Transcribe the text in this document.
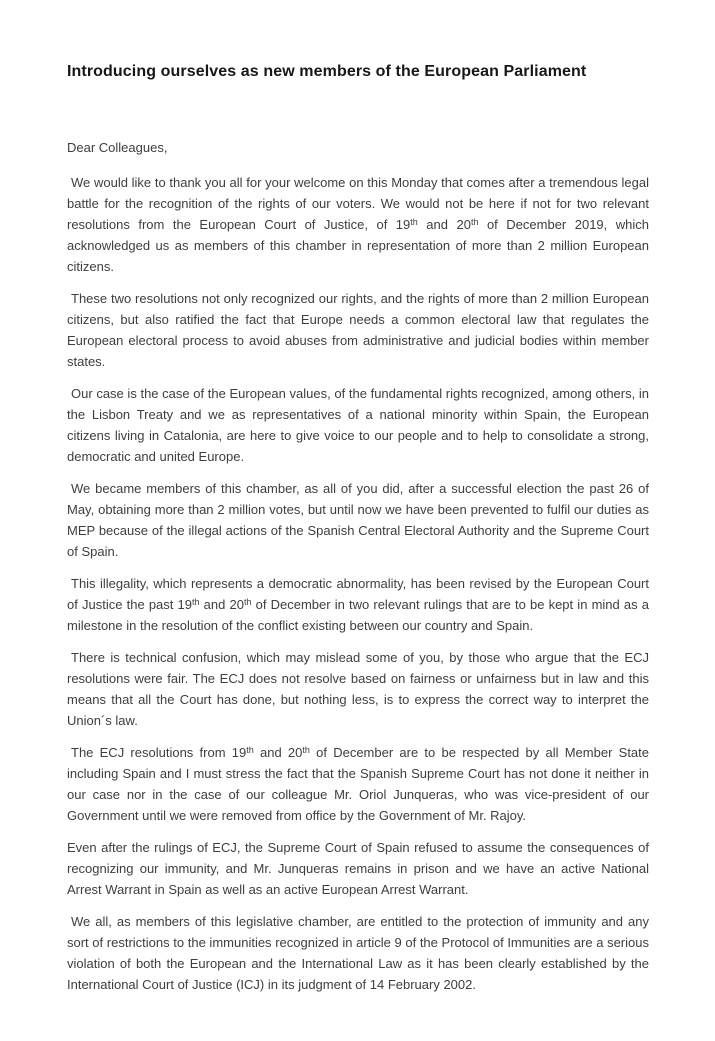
Introducing ourselves as new members of the European Parliament
Dear Colleagues,

We would like to thank you all for your welcome on this Monday that comes after a tremendous legal battle for the recognition of the rights of our voters. We would not be here if not for two relevant resolutions from the European Court of Justice, of 19th and 20th of December 2019, which acknowledged us as members of this chamber in representation of more than 2 million European citizens.

These two resolutions not only recognized our rights, and the rights of more than 2 million European citizens, but also ratified the fact that Europe needs a common electoral law that regulates the European electoral process to avoid abuses from administrative and judicial bodies within member states.

Our case is the case of the European values, of the fundamental rights recognized, among others, in the Lisbon Treaty and we as representatives of a national minority within Spain, the European citizens living in Catalonia, are here to give voice to our people and to help to consolidate a strong, democratic and united Europe.

We became members of this chamber, as all of you did, after a successful election the past 26 of May, obtaining more than 2 million votes, but until now we have been prevented to fulfil our duties as MEP because of the illegal actions of the Spanish Central Electoral Authority and the Supreme Court of Spain.

This illegality, which represents a democratic abnormality, has been revised by the European Court of Justice the past 19th and 20th of December in two relevant rulings that are to be kept in mind as a milestone in the resolution of the conflict existing between our country and Spain.

There is technical confusion, which may mislead some of you, by those who argue that the ECJ resolutions were fair. The ECJ does not resolve based on fairness or unfairness but in law and this means that all the Court has done, but nothing less, is to express the correct way to interpret the Union´s law.

The ECJ resolutions from 19th and 20th of December are to be respected by all Member State including Spain and I must stress the fact that the Spanish Supreme Court has not done it neither in our case nor in the case of our colleague Mr. Oriol Junqueras, who was vice-president of our Government until we were removed from office by the Government of Mr. Rajoy.

Even after the rulings of ECJ, the Supreme Court of Spain refused to assume the consequences of recognizing our immunity, and Mr. Junqueras remains in prison and we have an active National Arrest Warrant in Spain as well as an active European Arrest Warrant.

We all, as members of this legislative chamber, are entitled to the protection of immunity and any sort of restrictions to the immunities recognized in article 9 of the Protocol of Immunities are a serious violation of both the European and the International Law as it has been clearly established by the International Court of Justice (ICJ) in its judgment of 14 February 2002.
